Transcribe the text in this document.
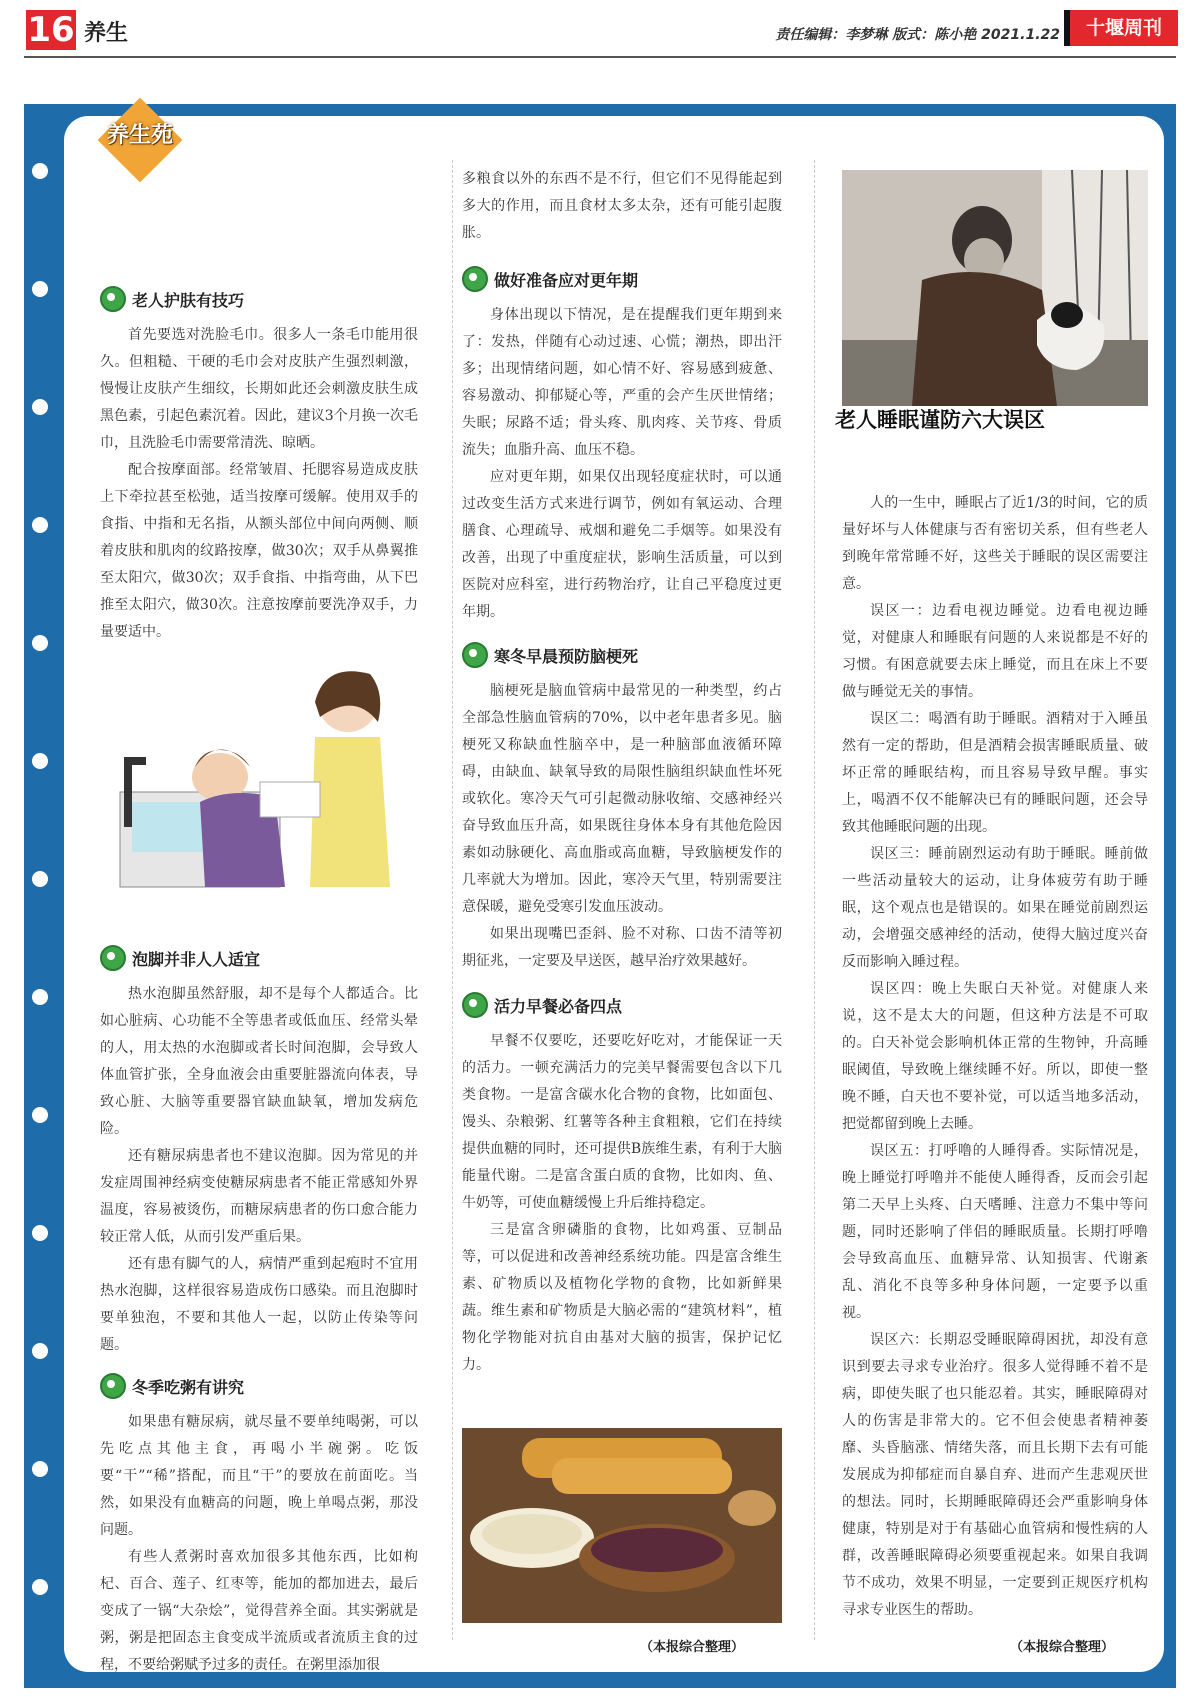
16 养生	责任编辑：李梦琳 版式：陈小艳 2021.1.22	十堰周刊
养生苑
老人护肤有技巧

首先要选对洗脸毛巾。很多人一条毛巾能用很久。但粗糙、干硬的毛巾会对皮肤产生强烈刺激，慢慢让皮肤产生细纹，长期如此还会刺激皮肤生成黑色素，引起色素沉着。因此，建议3个月换一次毛巾，且洗脸毛巾需要常清洗、晾晒。

配合按摩面部。经常皱眉、托腮容易造成皮肤上下牵拉甚至松弛，适当按摩可缓解。使用双手的食指、中指和无名指，从额头部位中间向两侧、顺着皮肤和肌肉的纹路按摩，做30次；双手从鼻翼推至太阳穴，做30次；双手食指、中指弯曲，从下巴推至太阳穴，做30次。注意按摩前要洗净双手，力量要适中。

泡脚并非人人适宜

热水泡脚虽然舒服，却不是每个人都适合。比如心脏病、心功能不全等患者或低血压、经常头晕的人，用太热的水泡脚或者长时间泡脚，会导致人体血管扩张，全身血液会由重要脏器流向体表，导致心脏、大脑等重要器官缺血缺氧，增加发病危险。

还有糖尿病患者也不建议泡脚。因为常见的并发症周围神经病变使糖尿病患者不能正常感知外界温度，容易被烫伤，而糖尿病患者的伤口愈合能力较正常人低，从而引发严重后果。

还有患有脚气的人，病情严重到起疱时不宜用热水泡脚，这样很容易造成伤口感染。而且泡脚时要单独泡，不要和其他人一起，以防止传染等问题。

冬季吃粥有讲究

如果患有糖尿病，就尽量不要单纯喝粥，可以先吃点其他主食，再喝小半碗粥。吃饭要“干”“稀”搭配，而且“干”的要放在前面吃。当然，如果没有血糖高的问题，晚上单喝点粥，那没问题。

有些人煮粥时喜欢加很多其他东西，比如枸杞、百合、莲子、红枣等，能加的都加进去，最后变成了一锅“大杂烩”，觉得营养全面。其实粥就是粥，粥是把固态主食变成半流质或者流质主食的过程，不要给粥赋予过多的责任。在粥里添加很

多粮食以外的东西不是不行，但它们不见得能起到多大的作用，而且食材太多太杂，还有可能引起腹胀。

做好准备应对更年期

身体出现以下情况，是在提醒我们更年期到来了：发热，伴随有心动过速、心慌；潮热，即出汗多；出现情绪问题，如心情不好、容易感到疲惫、容易激动、抑郁疑心等，严重的会产生厌世情绪；失眠；尿路不适；骨头疼、肌肉疼、关节疼、骨质流失；血脂升高、血压不稳。

应对更年期，如果仅出现轻度症状时，可以通过改变生活方式来进行调节，例如有氧运动、合理膳食、心理疏导、戒烟和避免二手烟等。如果没有改善，出现了中重度症状，影响生活质量，可以到医院对应科室，进行药物治疗，让自己平稳度过更年期。

寒冬早晨预防脑梗死

脑梗死是脑血管病中最常见的一种类型，约占全部急性脑血管病的70%，以中老年患者多见。脑梗死又称缺血性脑卒中，是一种脑部血液循环障碍，由缺血、缺氧导致的局限性脑组织缺血性坏死或软化。寒冷天气可引起微动脉收缩、交感神经兴奋导致血压升高，如果既往身体本身有其他危险因素如动脉硬化、高血脂或高血糖，导致脑梗发作的几率就大为增加。因此，寒冷天气里，特别需要注意保暖，避免受寒引发血压波动。

如果出现嘴巴歪斜、脸不对称、口齿不清等初期征兆，一定要及早送医，越早治疗效果越好。

活力早餐必备四点

早餐不仅要吃，还要吃好吃对，才能保证一天的活力。一顿充满活力的完美早餐需要包含以下几类食物。一是富含碳水化合物的食物，比如面包、馒头、杂粮粥、红薯等各种主食粗粮，它们在持续提供血糖的同时，还可提供B族维生素，有利于大脑能量代谢。二是富含蛋白质的食物，比如肉、鱼、牛奶等，可使血糖缓慢上升后维持稳定。

三是富含卵磷脂的食物，比如鸡蛋、豆制品等，可以促进和改善神经系统功能。四是富含维生素、矿物质以及植物化学物的食物，比如新鲜果蔬。维生素和矿物质是大脑必需的“建筑材料”，植物化学物能对抗自由基对大脑的损害，保护记忆力。

（本报综合整理）
老人睡眠谨防六大误区

人的一生中，睡眠占了近1/3的时间，它的质量好坏与人体健康与否有密切关系，但有些老人到晚年常常睡不好，这些关于睡眠的误区需要注意。

误区一：边看电视边睡觉。边看电视边睡觉，对健康人和睡眠有问题的人来说都是不好的习惯。有困意就要去床上睡觉，而且在床上不要做与睡觉无关的事情。

误区二：喝酒有助于睡眠。酒精对于入睡虽然有一定的帮助，但是酒精会损害睡眠质量、破坏正常的睡眠结构，而且容易导致早醒。事实上，喝酒不仅不能解决已有的睡眠问题，还会导致其他睡眠问题的出现。

误区三：睡前剧烈运动有助于睡眠。睡前做一些活动量较大的运动，让身体疲劳有助于睡眠，这个观点也是错误的。如果在睡觉前剧烈运动，会增强交感神经的活动，使得大脑过度兴奋反而影响入睡过程。

误区四：晚上失眠白天补觉。对健康人来说，这不是太大的问题，但这种方法是不可取的。白天补觉会影响机体正常的生物钟，升高睡眠阈值，导致晚上继续睡不好。所以，即使一整晚不睡，白天也不要补觉，可以适当地多活动，把觉都留到晚上去睡。

误区五：打呼噜的人睡得香。实际情况是，晚上睡觉打呼噜并不能使人睡得香，反而会引起第二天早上头疼、白天嗜睡、注意力不集中等问题，同时还影响了伴侣的睡眠质量。长期打呼噜会导致高血压、血糖异常、认知损害、代谢紊乱、消化不良等多种身体问题，一定要予以重视。

误区六：长期忍受睡眠障碍困扰，却没有意识到要去寻求专业治疗。很多人觉得睡不着不是病，即使失眠了也只能忍着。其实，睡眠障碍对人的伤害是非常大的。它不但会使患者精神萎靡、头昏脑涨、情绪失落，而且长期下去有可能发展成为抑郁症而自暴自弃、进而产生悲观厌世的想法。同时，长期睡眠障碍还会严重影响身体健康，特别是对于有基础心血管病和慢性病的人群，改善睡眠障碍必须要重视起来。如果自我调节不成功，效果不明显，一定要到正规医疗机构寻求专业医生的帮助。

（本报综合整理）
